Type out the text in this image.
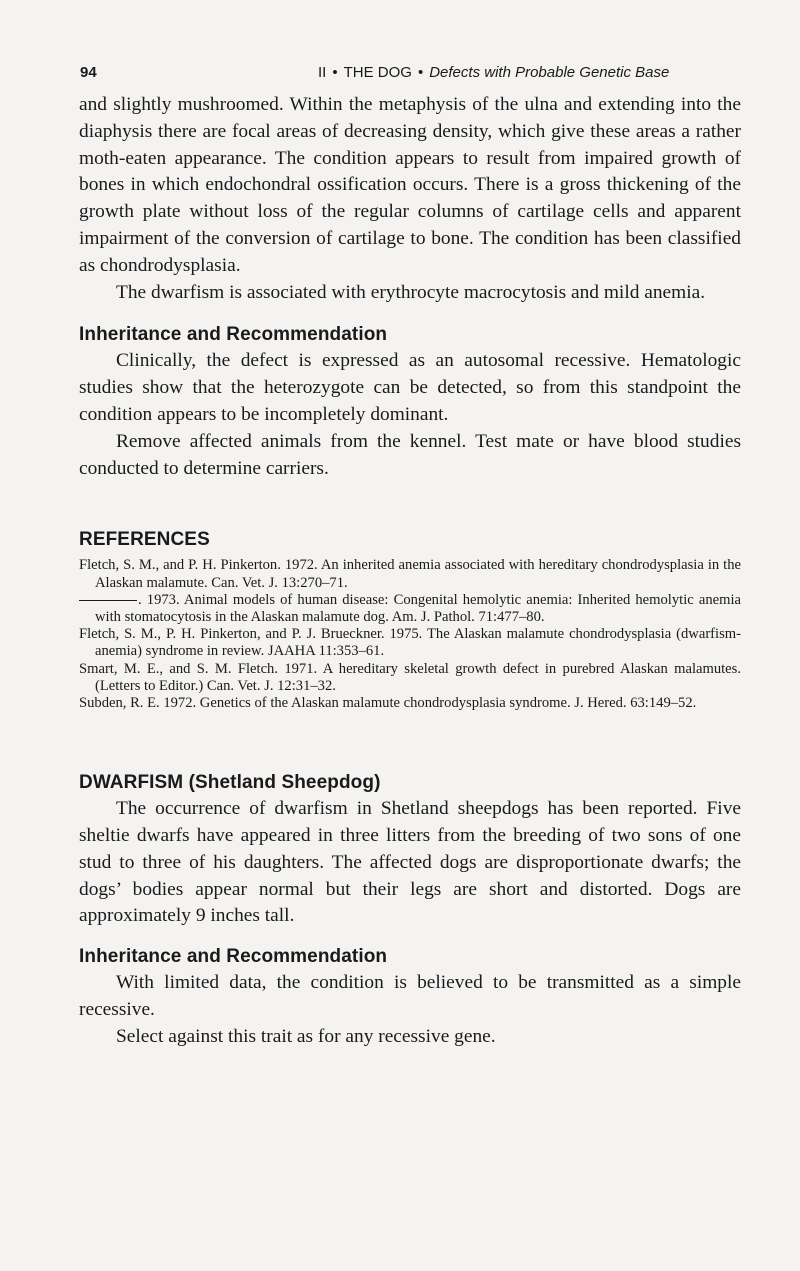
94	II • THE DOG • Defects with Probable Genetic Base

and slightly mushroomed. Within the metaphysis of the ulna and extending into the diaphysis there are focal areas of decreasing density, which give these areas a rather moth-eaten appearance. The condition appears to result from impaired growth of bones in which endochondral ossification occurs. There is a gross thickening of the growth plate without loss of the regular columns of cartilage cells and apparent impairment of the conversion of cartilage to bone. The condition has been classified as chondrodysplasia.

The dwarfism is associated with erythrocyte macrocytosis and mild anemia.

Inheritance and Recommendation

Clinically, the defect is expressed as an autosomal recessive. Hematologic studies show that the heterozygote can be detected, so from this standpoint the condition appears to be incompletely dominant.

Remove affected animals from the kennel. Test mate or have blood studies conducted to determine carriers.

REFERENCES

Fletch, S. M., and P. H. Pinkerton. 1972. An inherited anemia associated with hereditary chondrodysplasia in the Alaskan malamute. Can. Vet. J. 13:270–71.

. 1973. Animal models of human disease: Congenital hemolytic anemia: Inherited hemolytic anemia with stomatocytosis in the Alaskan malamute dog. Am. J. Pathol. 71:477–80.

Fletch, S. M., P. H. Pinkerton, and P. J. Brueckner. 1975. The Alaskan malamute chondrodysplasia (dwarfism-anemia) syndrome in review. JAAHA 11:353–61.

Smart, M. E., and S. M. Fletch. 1971. A hereditary skeletal growth defect in purebred Alaskan malamutes. (Letters to Editor.) Can. Vet. J. 12:31–32.

Subden, R. E. 1972. Genetics of the Alaskan malamute chondrodysplasia syndrome. J. Hered. 63:149–52.

DWARFISM (Shetland Sheepdog)

The occurrence of dwarfism in Shetland sheepdogs has been reported. Five sheltie dwarfs have appeared in three litters from the breeding of two sons of one stud to three of his daughters. The affected dogs are disproportionate dwarfs; the dogs’ bodies appear normal but their legs are short and distorted. Dogs are approximately 9 inches tall.

Inheritance and Recommendation

With limited data, the condition is believed to be transmitted as a simple recessive.

Select against this trait as for any recessive gene.
